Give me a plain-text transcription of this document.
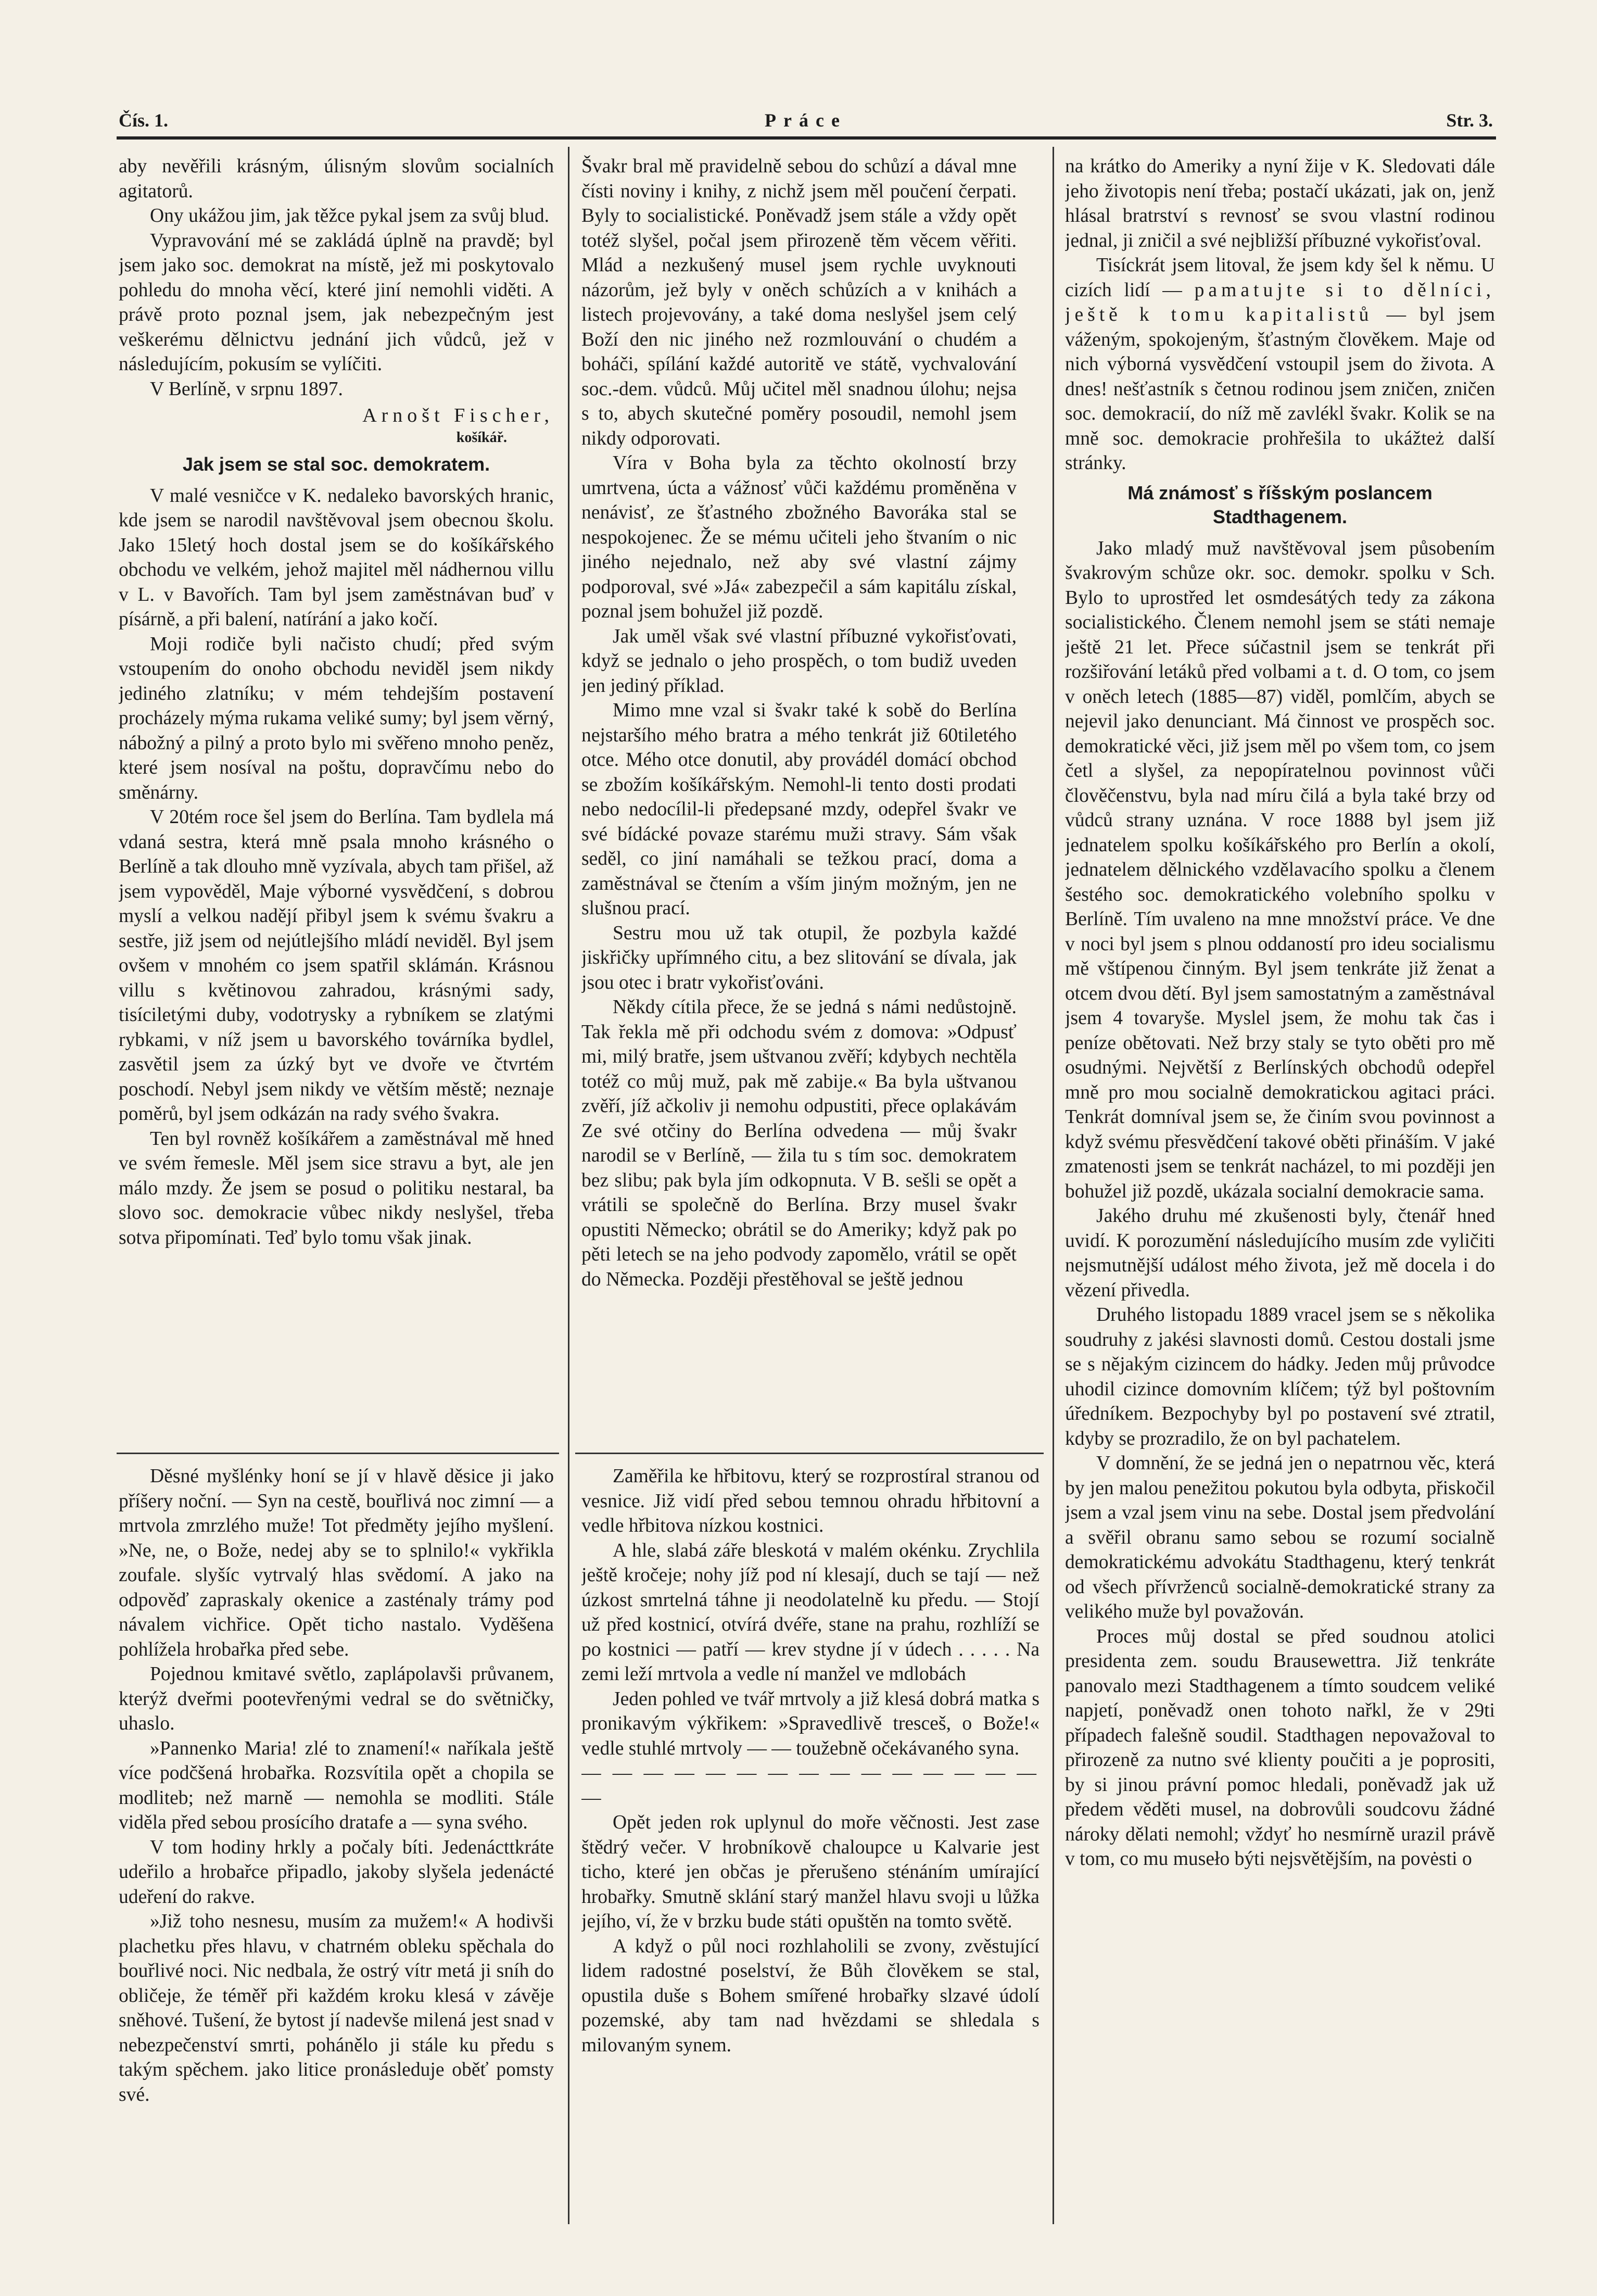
Čís. 1.	Práce	Str. 3.

aby nevěřili krásným, úlisným slovům socialních agitatorů.

Ony ukážou jim, jak těžce pykal jsem za svůj blud.

Vypravování mé se zakládá úplně na pravdě; byl jsem jako soc. demokrat na místě, jež mi poskytovalo pohledu do mnoha věcí, které jiní nemohli viděti. A právě proto poznal jsem, jak nebezpečným jest veškerému dělnictvu jednání jich vůdců, jež v následujícím, pokusím se vylíčiti.

V Berlíně, v srpnu 1897.

Arnošt Fischer,
košíkář.
Jak jsem se stal soc. demokratem.

V malé vesničce v K. nedaleko bavorských hranic, kde jsem se narodil navštěvoval jsem obecnou školu. Jako 15letý hoch dostal jsem se do košíkářského obchodu ve velkém, jehož majitel měl nádhernou villu v L. v Bavořích. Tam byl jsem zaměstnávan buď v písárně, a při balení, natírání a jako kočí.

Moji rodiče byli načisto chudí; před svým vstoupením do onoho obchodu neviděl jsem nikdy jediného zlatníku; v mém tehdejším postavení procházely mýma rukama veliké sumy; byl jsem věrný, nábožný a pilný a proto bylo mi svěřeno mnoho peněz, které jsem nosíval na poštu, dopravčímu nebo do směnárny.

V 20tém roce šel jsem do Berlína. Tam bydlela má vdaná sestra, která mně psala mnoho krásného o Berlíně a tak dlouho mně vyzívala, abych tam přišel, až jsem vypověděl, Maje výborné vysvědčení, s dobrou myslí a velkou nadějí přibyl jsem k svému švakru a sestře, již jsem od nejútlejšího mládí neviděl. Byl jsem ovšem v mnohém co jsem spatřil sklámán. Krásnou villu s květinovou zahradou, krásnými sady, tisíciletými duby, vodotrysky a rybníkem se zlatými rybkami, v níž jsem u bavorského továrníka bydlel, zasvětil jsem za úzký byt ve dvoře ve čtvrtém poschodí. Nebyl jsem nikdy ve větším městě; neznaje poměrů, byl jsem odkázán na rady svého švakra.

Ten byl rovněž košíkářem a zaměstnával mě hned ve svém řemesle. Měl jsem sice stravu a byt, ale jen málo mzdy. Že jsem se posud o politiku nestaral, ba slovo soc. demokracie vůbec nikdy neslyšel, třeba sotva připomínati. Teď bylo tomu však jinak.

Švakr bral mě pravidelně sebou do schůzí a dával mne čísti noviny i knihy, z nichž jsem měl poučení čerpati. Byly to socialistické. Poněvadž jsem stále a vždy opět totéž slyšel, počal jsem přirozeně těm věcem věřiti. Mlád a nezkušený musel jsem rychle uvyknouti názorům, jež byly v oněch schůzích a v knihách a listech projevovány, a také doma neslyšel jsem celý Boží den nic jiného než rozmlouvání o chudém a boháči, spílání každé autoritě ve státě, vychvalování soc.-dem. vůdců. Můj učitel měl snadnou úlohu; nejsa s to, abych skutečné poměry posoudil, nemohl jsem nikdy odporovati.

Víra v Boha byla za těchto okolností brzy umrtvena, úcta a vážnosť vůči každému proměněna v nenávisť, ze šťastného zbožného Bavoráka stal se nespokojenec. Že se mému učiteli jeho štvaním o nic jiného nejednalo, než aby své vlastní zájmy podporoval, své »Já« zabezpečil a sám kapitálu získal, poznal jsem bohužel již pozdě.

Jak uměl však své vlastní příbuzné vykořisťovati, když se jednalo o jeho prospěch, o tom budiž uveden jen jediný příklad.

Mimo mne vzal si švakr také k sobě do Berlína nejstaršího mého bratra a mého tenkrát již 60tiletého otce. Mého otce donutil, aby provádél domácí obchod se zbožím košíkářským. Nemohl-li tento dosti prodati nebo nedocílil-li předepsané mzdy, odepřel švakr ve své bídácké povaze starému muži stravy. Sám však seděl, co jiní namáhali se težkou prací, doma a zaměstnával se čtením a vším jiným možným, jen ne slušnou prací.

Sestru mou už tak otupil, že pozbyla každé jiskřičky upřímného citu, a bez slitování se dívala, jak jsou otec i bratr vykořisťováni.

Někdy cítila přece, že se jedná s námi nedůstojně. Tak řekla mě při odchodu svém z domova: »Odpusť mi, milý bratře, jsem uštvanou zvěří; kdybych nechtěla totéž co můj muž, pak mě zabije.« Ba byla uštvanou zvěří, jíž ačkoliv ji nemohu odpustiti, přece oplakávám Ze své otčiny do Berlína odvedena — můj švakr narodil se v Berlíně, — žila tu s tím soc. demokratem bez slibu; pak byla jím odkopnuta. V B. sešli se opět a vrátili se společně do Berlína. Brzy musel švakr opustiti Německo; obrátil se do Ameriky; když pak po pěti letech se na jeho podvody zapomělo, vrátil se opět do Německa. Později přestěhoval se ještě jednou

na krátko do Ameriky a nyní žije v K. Sledovati dále jeho životopis není třeba; postačí ukázati, jak on, jenž hlásal bratrství s revnosť se svou vlastní rodinou jednal, ji zničil a své nejbližší příbuzné vykořisťoval.

Tisíckrát jsem litoval, že jsem kdy šel k němu. U cizích lidí — pamatujte si to dělníci, ještě k tomu kapitalistů — byl jsem váženým, spokojeným, šťastným člověkem. Maje od nich výborná vysvědčení vstoupil jsem do života. A dnes! nešťastník s četnou rodinou jsem zničen, zničen soc. demokracií, do níž mě zavlékl švakr. Kolik se na mně soc. demokracie prohřešila to ukážteż další stránky.

Má známosť s říšským poslancem Stadthagenem.

Jako mladý muž navštěvoval jsem působením švakrovým schůze okr. soc. demokr. spolku v Sch. Bylo to uprostřed let osmdesátých tedy za zákona socialistického. Členem nemohl jsem se státi nemaje ještě 21 let. Přece súčastnil jsem se tenkrát při rozšiřování letáků před volbami a t. d. O tom, co jsem v oněch letech (1885—87) viděl, pomlčím, abych se nejevil jako denunciant. Má činnost ve prospěch soc. demokratické věci, již jsem měl po všem tom, co jsem četl a slyšel, za nepopíratelnou povinnost vůči člověčenstvu, byla nad míru čilá a byla také brzy od vůdců strany uznána. V roce 1888 byl jsem již jednatelem spolku košíkářského pro Berlín a okolí, jednatelem dělnického vzdělavacího spolku a členem šestého soc. demokratického volebního spolku v Berlíně. Tím uvaleno na mne množství práce. Ve dne v noci byl jsem s plnou oddaností pro ideu socialismu mě vštípenou činným. Byl jsem tenkráte již ženat a otcem dvou dětí. Byl jsem samostatným a zaměstnával jsem 4 tovaryše. Myslel jsem, že mohu tak čas i peníze obětovati. Než brzy staly se tyto oběti pro mě osudnými. Největší z Berlínských obchodů odepřel mně pro mou socialně demokratickou agitaci práci. Tenkrát domníval jsem se, že činím svou povinnost a když svému přesvědčení takové oběti přináším. V jaké zmatenosti jsem se tenkrát nacházel, to mi později jen bohužel již pozdě, ukázala socialní demokracie sama.

Jakého druhu mé zkušenosti byly, čtenář hned uvidí. K porozumění následujícího musím zde vyličiti nejsmutnější událost mého života, jež mě docela i do vězení přivedla.

Druhého listopadu 1889 vracel jsem se s několika soudruhy z jakési slavnosti domů. Cestou dostali jsme se s nějakým cizincem do hádky. Jeden můj průvodce uhodil cizince domovním klíčem; týž byl poštovním úředníkem. Bezpochyby byl po postavení své ztratil, kdyby se prozradilo, že on byl pachatelem.

V domnění, že se jedná jen o nepatrnou věc, která by jen malou penežitou pokutou byla odbyta, přiskočil jsem a vzal jsem vinu na sebe. Dostal jsem předvolání a svěřil obranu samo sebou se rozumí socialně demokratickému advokátu Stadthagenu, který tenkrát od všech přívrženců socialně-demokratické strany za velikého muže byl považován.

Proces můj dostal se před soudnou atolici presidenta zem. soudu Brausewettra. Již tenkráte panovalo mezi Stadthagenem a tímto soudcem veliké napjetí, poněvadž onen tohoto nařkl, že v 29ti případech falešně soudil. Stadthagen nepovažoval to přirozeně za nutno své klienty poučiti a je poprositi, by si jinou právní pomoc hledali, poněvadž jak už předem věděti musel, na dobrovůli soudcovu žádné nároky dělati nemohl; vždyť ho nesmírně urazil právě v tom, co mu museło býti nejsvětějším, na povėsti o

Děsné myšlénky honí se jí v hlavě děsice ji jako příšery noční. — Syn na cestě, bouřlivá noc zimní — a mrtvola zmrzlého muže! Tot předměty jejího myšlení. »Ne, ne, o Bože, nedej aby se to splnilo!« vykřikla zoufale. slyšíc vytrvalý hlas svědomí. A jako na odpověď zapraskaly okenice a zasténaly trámy pod návalem vichřice. Opět ticho nastalo. Vyděšena pohlížela hrobařka před sebe.

Pojednou kmitavé světlo, zaplápolavši průvanem, kterýž dveřmi pootevřenými vedral se do světničky, uhaslo.

»Pannenko Maria! zlé to znamení!« naříkala ještě více podčšená hrobařka. Rozsvítila opět a chopila se modliteb; než marně — nemohla se modliti. Stále viděla před sebou prosícího dratafe a — syna svého.

V tom hodiny hrkly a počaly bíti. Jedenácttkráte udeřilo a hrobařce připadlo, jakoby slyšela jedenácté udeření do rakve.

»Již toho nesnesu, musím za mužem!« A hodivši plachetku přes hlavu, v chatrném obleku spěchala do bouřlivé noci. Nic nedbala, že ostrý vítr metá ji sníh do obličeje, že téměř při každém kroku klesá v závěje sněhové. Tušení, že bytost jí nadevše milená jest snad v nebezpečenství smrti, pohánělo ji stále ku předu s takým spěchem. jako litice pronásleduje oběť pomsty své.

Zaměřila ke hřbitovu, který se rozprostíral stranou od vesnice. Již vidí před sebou temnou ohradu hřbitovní a vedle hřbitova nízkou kostnici.

A hle, slabá záře bleskotá v malém okénku. Zrychlila ještě kročeje; nohy jíž pod ní klesají, duch se tají — než úzkost smrtelná táhne ji neodolatelně ku předu. — Stojí už před kostnicí, otvírá dvéře, stane na prahu, rozhlíží se po kostnici — patří — krev stydne jí v údech . . . . . Na zemi leží mrtvola a vedle ní manžel ve mdlobách

Jeden pohled ve tvář mrtvoly a již klesá dobrá matka s pronikavým výkřikem: »Spravedlivě trescеš, o Bože!« vedle stuhlé mrtvoly — — toužebně očekávaného syna.

— — — — — — — — — — — — — — — —

Opět jeden rok uplynul do moře věčnosti. Jest zase štědrý večer. V hrobníkově chaloupce u Kalvarie jest tichо, které jen občas je přerušeno sténáním umírající hrobařky. Smutně sklání starý manžel hlavu svoji u lůžka jejího, ví, že v brzku bude státi opuštěn na tomto světě.

A když o půl noci rozhlaholili se zvony, zvěstující lidem radostné poselství, že Bůh člověkem se stal, opustila duše s Bohem smířené hrobařky slzavé údolí pozemské, aby tam nad hvězdami se shledala s milovaným synem.
